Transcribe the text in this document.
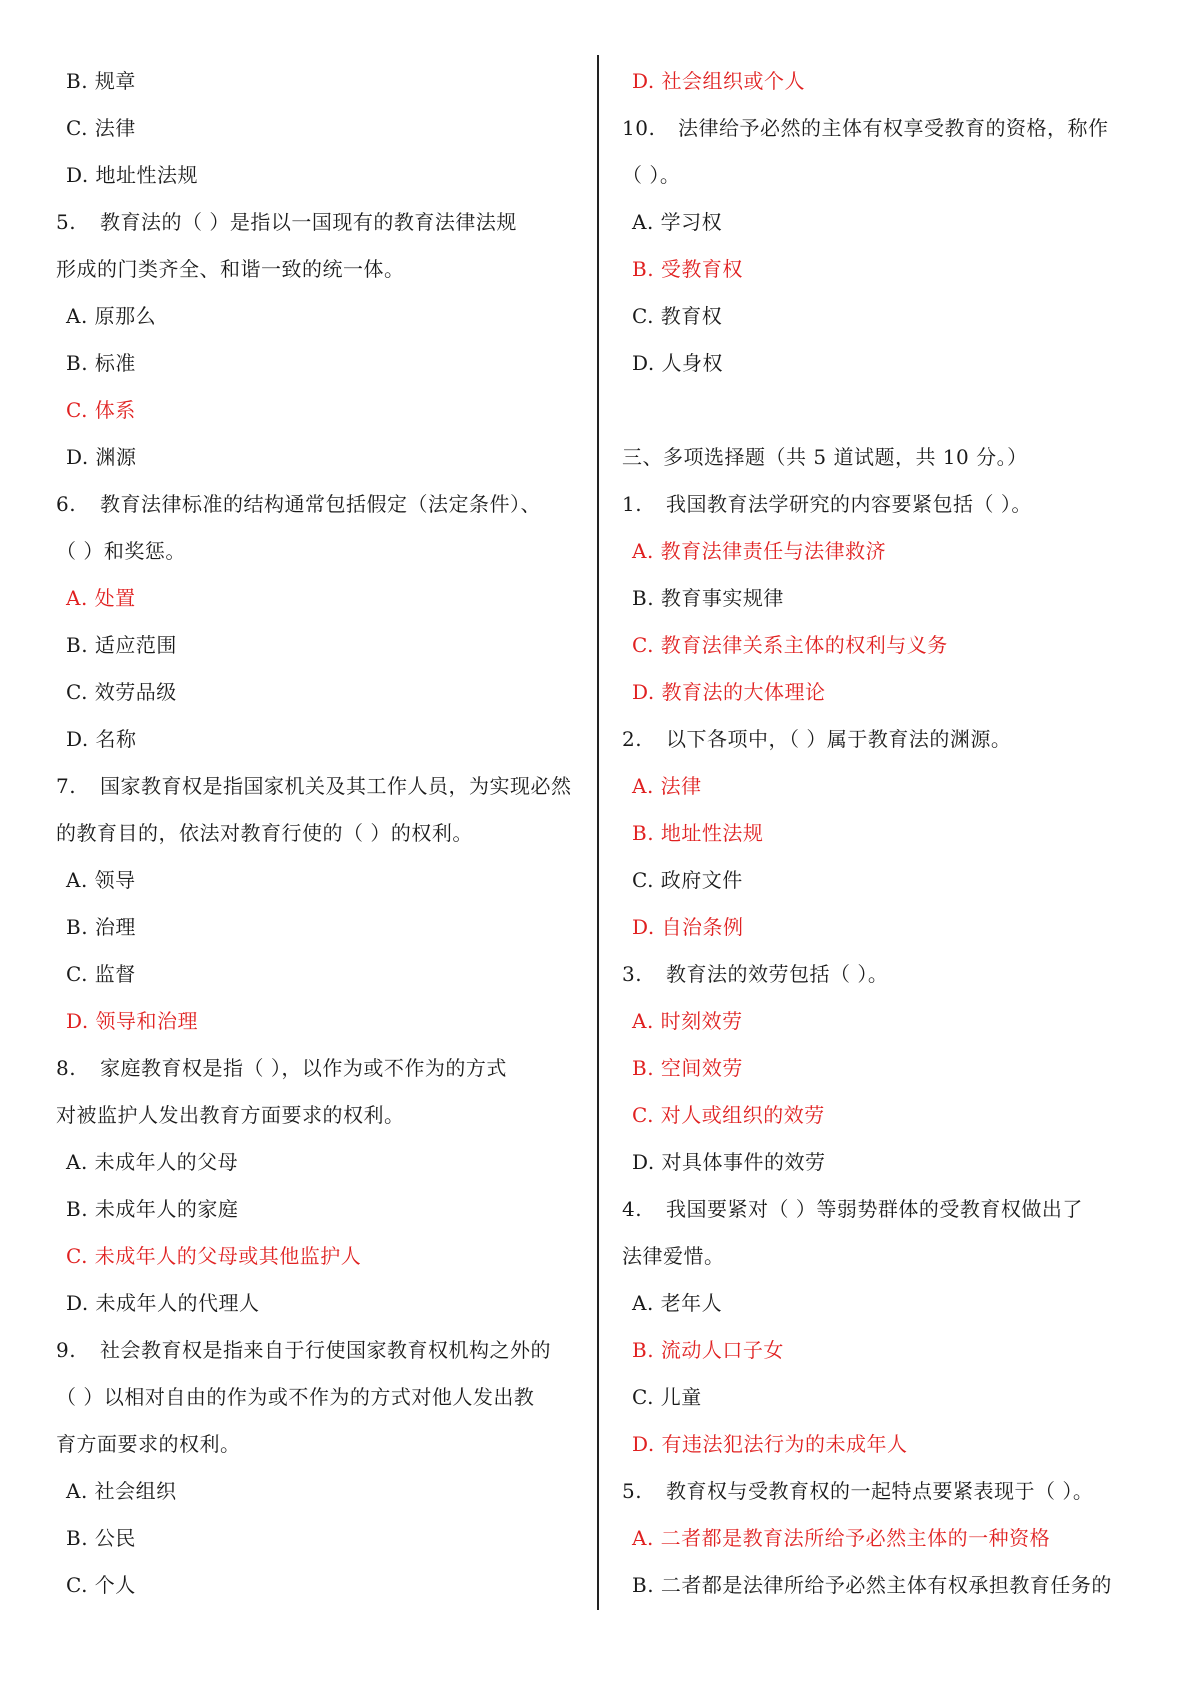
B. 规章
C. 法律
D. 地址性法规
5. 教育法的（ ）是指以一国现有的教育法律法规
形成的门类齐全、和谐一致的统一体。
A. 原那么
B. 标准
C. 体系
D. 渊源
6. 教育法律标准的结构通常包括假定（法定条件）、
（ ）和奖惩。
A. 处置
B. 适应范围
C. 效劳品级
D. 名称
7. 国家教育权是指国家机关及其工作人员，为实现必然
的教育目的，依法对教育行使的（ ）的权利。
A. 领导
B. 治理
C. 监督
D. 领导和治理
8. 家庭教育权是指（ ），以作为或不作为的方式
对被监护人发出教育方面要求的权利。
A. 未成年人的父母
B. 未成年人的家庭
C. 未成年人的父母或其他监护人
D. 未成年人的代理人
9. 社会教育权是指来自于行使国家教育权机构之外的
（ ）以相对自由的作为或不作为的方式对他人发出教
育方面要求的权利。
A. 社会组织
B. 公民
C. 个人
D. 社会组织或个人
10. 法律给予必然的主体有权享受教育的资格，称作
（ ）。
A. 学习权
B. 受教育权
C. 教育权
D. 人身权
三、多项选择题（共 5 道试题，共 10 分。）
1. 我国教育法学研究的内容要紧包括（ ）。
A. 教育法律责任与法律救济
B. 教育事实规律
C. 教育法律关系主体的权利与义务
D. 教育法的大体理论
2. 以下各项中，（ ）属于教育法的渊源。
A. 法律
B. 地址性法规
C. 政府文件
D. 自治条例
3. 教育法的效劳包括（ ）。
A. 时刻效劳
B. 空间效劳
C. 对人或组织的效劳
D. 对具体事件的效劳
4. 我国要紧对（ ）等弱势群体的受教育权做出了
法律爱惜。
A. 老年人
B. 流动人口子女
C. 儿童
D. 有违法犯法行为的未成年人
5. 教育权与受教育权的一起特点要紧表现于（ ）。
A. 二者都是教育法所给予必然主体的一种资格
B. 二者都是法律所给予必然主体有权承担教育任务的
